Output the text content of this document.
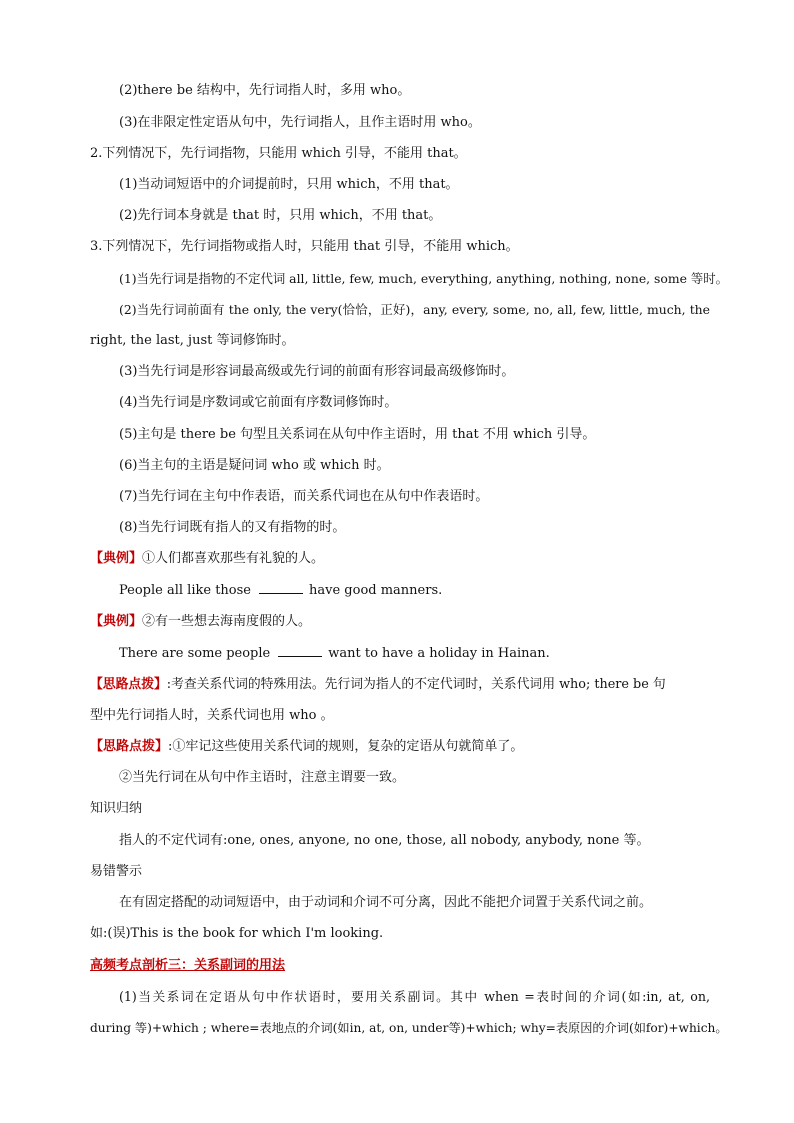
(2)there be 结构中，先行词指人时，多用 who。
(3)在非限定性定语从句中，先行词指人，且作主语时用 who。
2.下列情况下，先行词指物，只能用 which 引导，不能用 that。
(1)当动词短语中的介词提前时，只用 which，不用 that。
(2)先行词本身就是 that 时，只用 which，不用 that。
3.下列情况下，先行词指物或指人时，只能用 that 引导，不能用 which。
(1)当先行词是指物的不定代词 all, little, few, much, everything, anything, nothing, none, some 等时。
(2)当先行词前面有 the only, the very(恰恰，正好)，any, every, some, no, all, few, little, much, the
right, the last, just 等词修饰时。
(3)当先行词是形容词最高级或先行词的前面有形容词最高级修饰时。
(4)当先行词是序数词或它前面有序数词修饰时。
(5)主句是 there be 句型且关系词在从句中作主语时，用 that 不用 which 引导。
(6)当主句的主语是疑问词 who 或 which 时。
(7)当先行词在主句中作表语，而关系代词也在从句中作表语时。
(8)当先行词既有指人的又有指物的时。
【典例】①人们都喜欢那些有礼貌的人。
People all like those	have good manners.
【典例】②有一些想去海南度假的人。
There are some people	want to have a holiday in Hainan.
【思路点拨】:考查关系代词的特殊用法。先行词为指人的不定代词时，关系代词用 who; there be 句
型中先行词指人时，关系代词也用 who 。
【思路点拨】:①牢记这些使用关系代词的规则，复杂的定语从句就简单了。
②当先行词在从句中作主语时，注意主谓要一致。
知识归纳
指人的不定代词有:one, ones, anyone, no one, those, all nobody, anybody, none 等。
易错警示
在有固定搭配的动词短语中，由于动词和介词不可分离，因此不能把介词置于关系代词之前。
如:(误)This is the book for which I'm looking.
高频考点剖析三：关系副词的用法
(1)当关系词在定语从句中作状语时，要用关系副词。其中 when =表时间的介词(如:in, at, on,
during 等)+which ; where=表地点的介词(如in, at, on, under等)+which; why=表原因的介词(如for)+which。
